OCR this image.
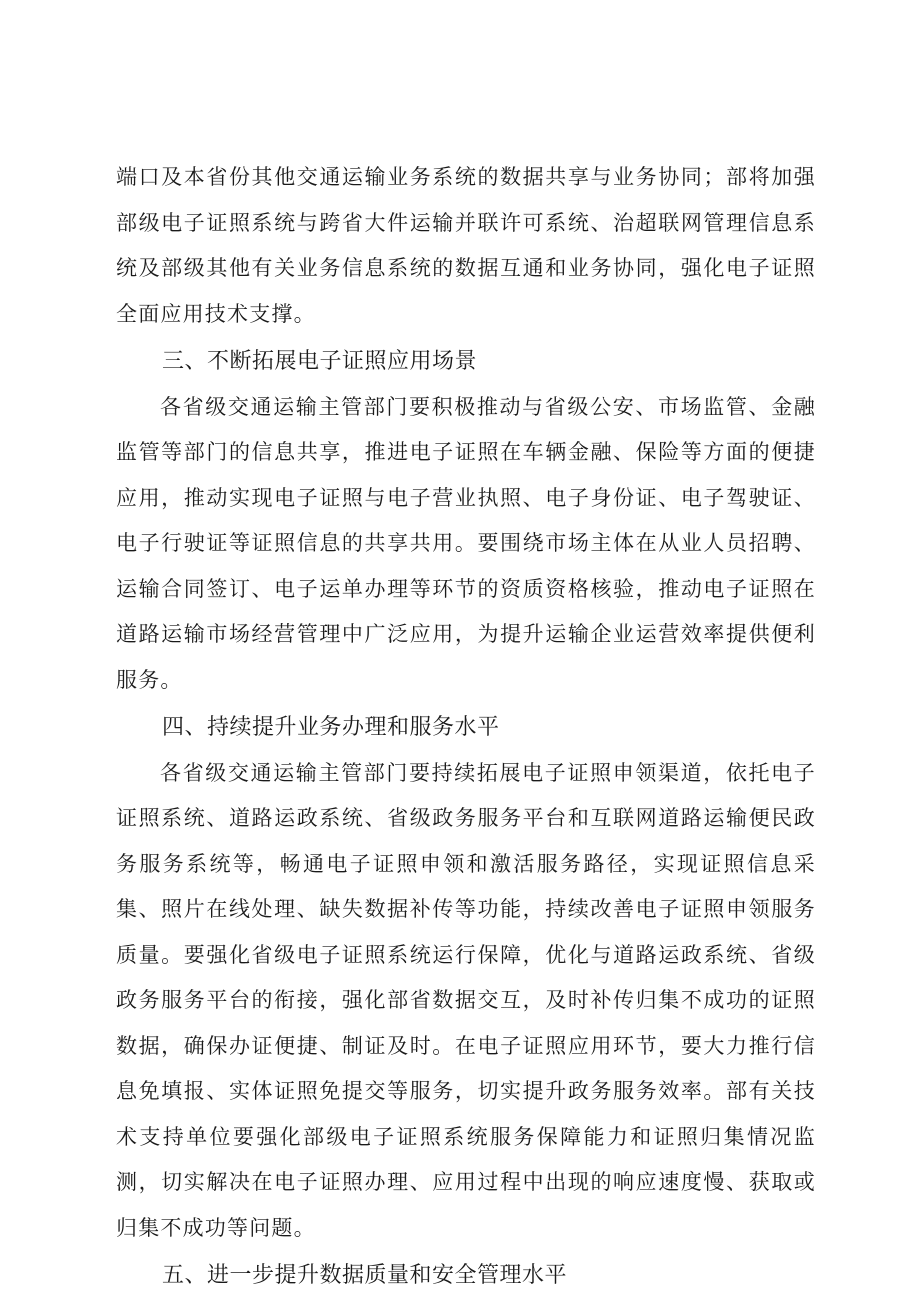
端口及本省份其他交通运输业务系统的数据共享与业务协同；部将加强部级电子证照系统与跨省大件运输并联许可系统、治超联网管理信息系统及部级其他有关业务信息系统的数据互通和业务协同，强化电子证照全面应用技术支撑。

三、不断拓展电子证照应用场景

各省级交通运输主管部门要积极推动与省级公安、市场监管、金融监管等部门的信息共享，推进电子证照在车辆金融、保险等方面的便捷应用，推动实现电子证照与电子营业执照、电子身份证、电子驾驶证、电子行驶证等证照信息的共享共用。要围绕市场主体在从业人员招聘、运输合同签订、电子运单办理等环节的资质资格核验，推动电子证照在道路运输市场经营管理中广泛应用，为提升运输企业运营效率提供便利服务。

四、持续提升业务办理和服务水平

各省级交通运输主管部门要持续拓展电子证照申领渠道，依托电子证照系统、道路运政系统、省级政务服务平台和互联网道路运输便民政务服务系统等，畅通电子证照申领和激活服务路径，实现证照信息采集、照片在线处理、缺失数据补传等功能，持续改善电子证照申领服务质量。要强化省级电子证照系统运行保障，优化与道路运政系统、省级政务服务平台的衔接，强化部省数据交互，及时补传归集不成功的证照数据，确保办证便捷、制证及时。在电子证照应用环节，要大力推行信息免填报、实体证照免提交等服务，切实提升政务服务效率。部有关技术支持单位要强化部级电子证照系统服务保障能力和证照归集情况监测，切实解决在电子证照办理、应用过程中出现的响应速度慢、获取或归集不成功等问题。

五、进一步提升数据质量和安全管理水平
